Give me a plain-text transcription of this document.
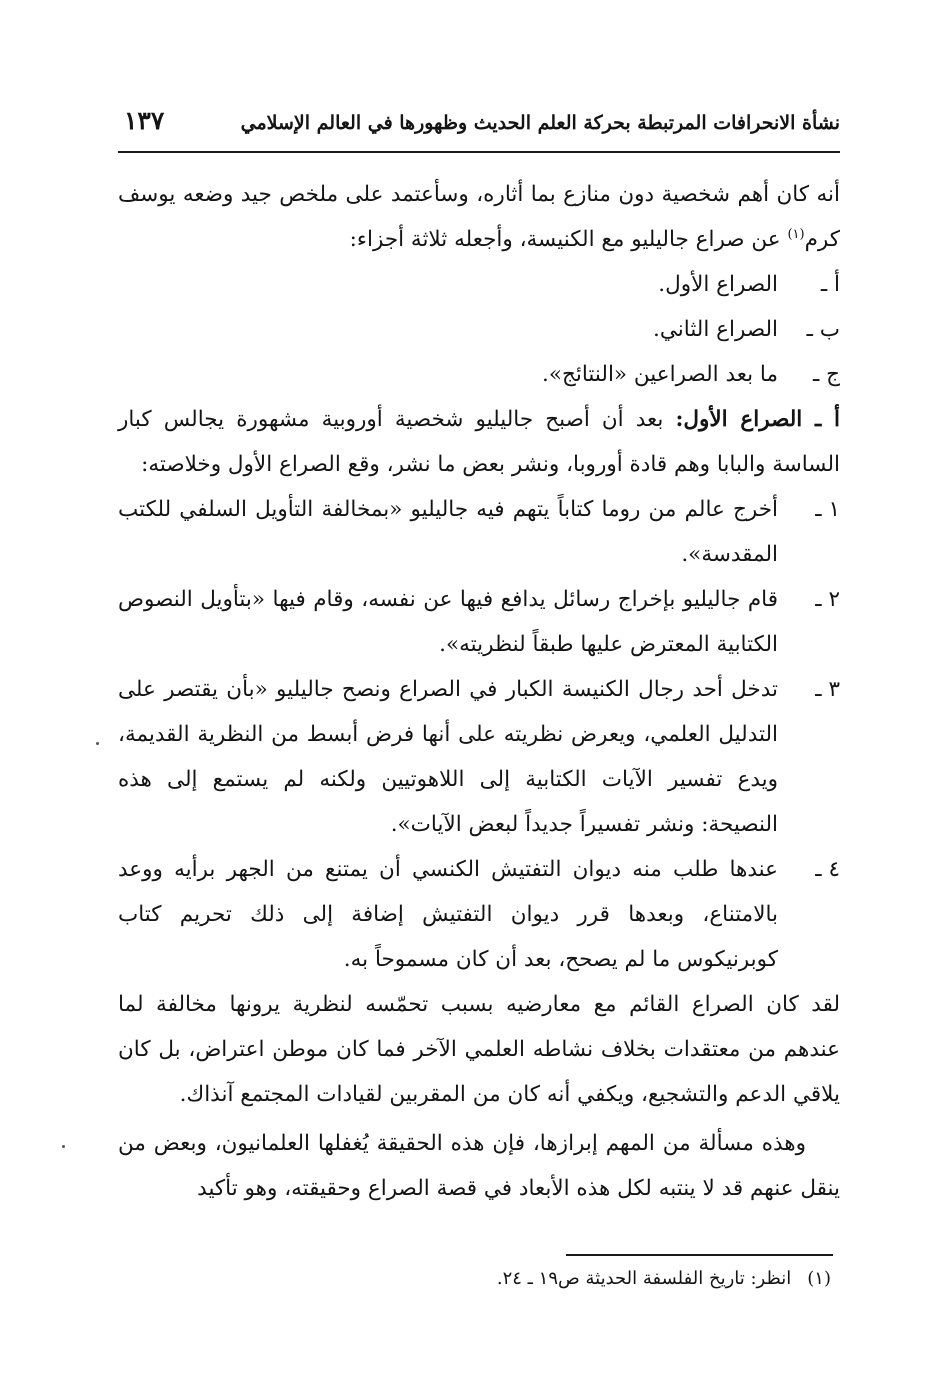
نشأة الانحرافات المرتبطة بحركة العلم الحديث وظهورها في العالم الإسلامي
١٣٧

أنه كان أهم شخصية دون منازع بما أثاره، وسأعتمد على ملخص جيد وضعه يوسف كرم$^{(١)}$ عن صراع جاليليو مع الكنيسة، وأجعله ثلاثة أجزاء:

أ ـ
الصراع الأول.
ب ـ
الصراع الثاني.
ج ـ
ما بعد الصراعين «النتائج».

أ ـ الصراع الأول: بعد أن أصبح جاليليو شخصية أوروبية مشهورة يجالس كبار الساسة والبابا وهم قادة أوروبا، ونشر بعض ما نشر، وقع الصراع الأول وخلاصته:

١ ـ
أخرج عالم من روما كتاباً يتهم فيه جاليليو «بمخالفة التأويل السلفي للكتب المقدسة».
٢ ـ
قام جاليليو بإخراج رسائل يدافع فيها عن نفسه، وقام فيها «بتأويل النصوص الكتابية المعترض عليها طبقاً لنظريته».
٣ ـ
تدخل أحد رجال الكنيسة الكبار في الصراع ونصح جاليليو «بأن يقتصر على التدليل العلمي، ويعرض نظريته على أنها فرض أبسط من النظرية القديمة، ويدع تفسير الآيات الكتابية إلى اللاهوتيين ولكنه لم يستمع إلى هذه النصيحة: ونشر تفسيراً جديداً لبعض الآيات».
٤ ـ
عندها طلب منه ديوان التفتيش الكنسي أن يمتنع من الجهر برأيه ووعد بالامتناع، وبعدها قرر ديوان التفتيش إضافة إلى ذلك تحريم كتاب كوبرنيكوس ما لم يصحح، بعد أن كان مسموحاً به.

لقد كان الصراع القائم مع معارضيه بسبب تحمّسه لنظرية يرونها مخالفة لما عندهم من معتقدات بخلاف نشاطه العلمي الآخر فما كان موطن اعتراض، بل كان يلاقي الدعم والتشجيع، ويكفي أنه كان من المقربين لقيادات المجتمع آنذاك.

وهذه مسألة من المهم إبرازها، فإن هذه الحقيقة يُغفلها العلمانيون، وبعض من ينقل عنهم قد لا ينتبه لكل هذه الأبعاد في قصة الصراع وحقيقته، وهو تأكيد

(١)انظر: تاريخ الفلسفة الحديثة ص١٩ ـ ٢٤.
